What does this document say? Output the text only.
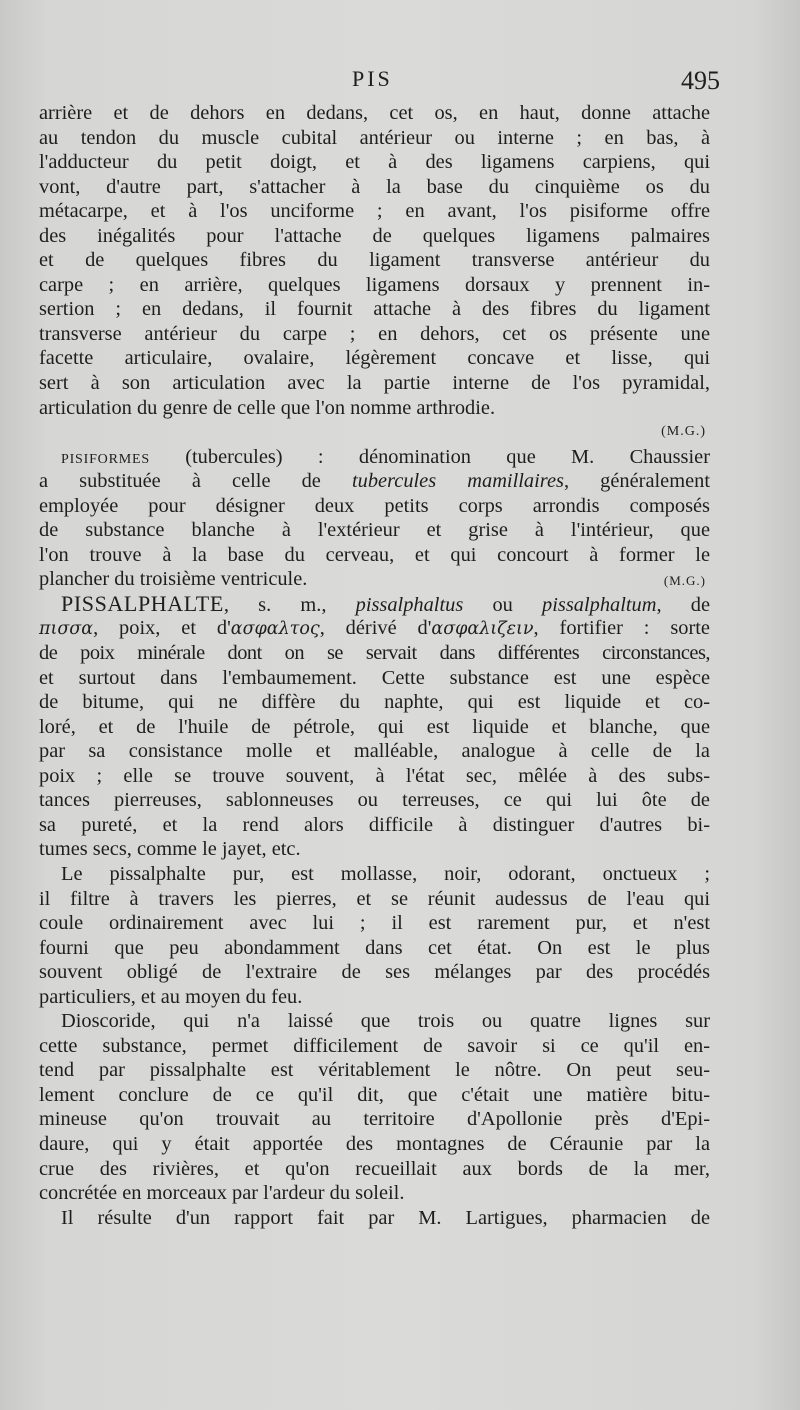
PIS	495
arrière et de dehors en dedans, cet os, en haut, donne attache
au tendon du muscle cubital antérieur ou interne ; en bas, à
l'adducteur du petit doigt, et à des ligamens carpiens, qui
vont, d'autre part, s'attacher à la base du cinquième os du
métacarpe, et à l'os unciforme ; en avant, l'os pisiforme offre
des inégalités pour l'attache de quelques ligamens palmaires
et de quelques fibres du ligament transverse antérieur du
carpe ; en arrière, quelques ligamens dorsaux y prennent in-
sertion ; en dedans, il fournit attache à des fibres du ligament
transverse antérieur du carpe ; en dehors, cet os présente une
facette articulaire, ovalaire, légèrement concave et lisse, qui
sert à son articulation avec la partie interne de l'os pyramidal,
articulation du genre de celle que l'on nomme arthrodie.
(M.G.)
PISIFORMES (tubercules) : dénomination que M. Chaussier
a substituée à celle de tubercules mamillaires, généralement
employée pour désigner deux petits corps arrondis composés
de substance blanche à l'extérieur et grise à l'intérieur, que
l'on trouve à la base du cerveau, et qui concourt à former le
plancher du troisième ventricule.	(M.G.)
PISSALPHALTE, s. m., pissalphaltus ou pissalphaltum, de
πισσα, poix, et d'ασφαλτος, dérivé d'ασφαλιζειν, fortifier : sorte
de poix minérale dont on se servait dans différentes circonstances,
et surtout dans l'embaumement. Cette substance est une espèce
de bitume, qui ne diffère du naphte, qui est liquide et co-
loré, et de l'huile de pétrole, qui est liquide et blanche, que
par sa consistance molle et malléable, analogue à celle de la
poix ; elle se trouve souvent, à l'état sec, mêlée à des subs-
tances pierreuses, sablonneuses ou terreuses, ce qui lui ôte de
sa pureté, et la rend alors difficile à distinguer d'autres bi-
tumes secs, comme le jayet, etc.
Le pissalphalte pur, est mollasse, noir, odorant, onctueux ;
il filtre à travers les pierres, et se réunit audessus de l'eau qui
coule ordinairement avec lui ; il est rarement pur, et n'est
fourni que peu abondamment dans cet état. On est le plus
souvent obligé de l'extraire de ses mélanges par des procédés
particuliers, et au moyen du feu.
Dioscoride, qui n'a laissé que trois ou quatre lignes sur
cette substance, permet difficilement de savoir si ce qu'il en-
tend par pissalphalte est véritablement le nôtre. On peut seu-
lement conclure de ce qu'il dit, que c'était une matière bitu-
mineuse qu'on trouvait au territoire d'Apollonie près d'Epi-
daure, qui y était apportée des montagnes de Céraunie par la
crue des rivières, et qu'on recueillait aux bords de la mer,
concrétée en morceaux par l'ardeur du soleil.
Il résulte d'un rapport fait par M. Lartigues, pharmacien de
